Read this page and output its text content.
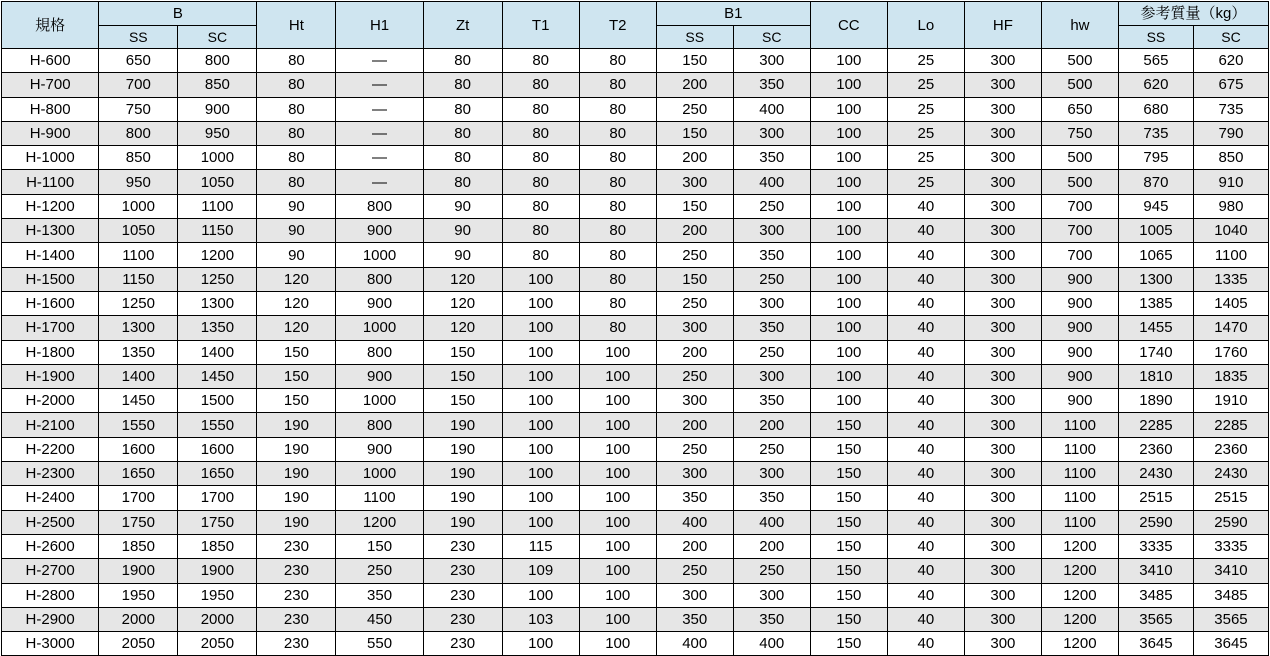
規格	B		Ht	H1	Zt	T1	T2	B1		CC	Lo	HF	hw	参考質量（kg）	
	SS	SC						SS	SC					SS	SC
H-600	650	800	80	—	80	80	80	150	300	100	25	300	500	565	620
H-700	700	850	80	—	80	80	80	200	350	100	25	300	500	620	675
H-800	750	900	80	—	80	80	80	250	400	100	25	300	650	680	735
H-900	800	950	80	—	80	80	80	150	300	100	25	300	750	735	790
H-1000	850	1000	80	—	80	80	80	200	350	100	25	300	500	795	850
H-1100	950	1050	80	—	80	80	80	300	400	100	25	300	500	870	910
H-1200	1000	1100	90	800	90	80	80	150	250	100	40	300	700	945	980
H-1300	1050	1150	90	900	90	80	80	200	300	100	40	300	700	1005	1040
H-1400	1100	1200	90	1000	90	80	80	250	350	100	40	300	700	1065	1100
H-1500	1150	1250	120	800	120	100	80	150	250	100	40	300	900	1300	1335
H-1600	1250	1300	120	900	120	100	80	250	300	100	40	300	900	1385	1405
H-1700	1300	1350	120	1000	120	100	80	300	350	100	40	300	900	1455	1470
H-1800	1350	1400	150	800	150	100	100	200	250	100	40	300	900	1740	1760
H-1900	1400	1450	150	900	150	100	100	250	300	100	40	300	900	1810	1835
H-2000	1450	1500	150	1000	150	100	100	300	350	100	40	300	900	1890	1910
H-2100	1550	1550	190	800	190	100	100	200	200	150	40	300	1100	2285	2285
H-2200	1600	1600	190	900	190	100	100	250	250	150	40	300	1100	2360	2360
H-2300	1650	1650	190	1000	190	100	100	300	300	150	40	300	1100	2430	2430
H-2400	1700	1700	190	1100	190	100	100	350	350	150	40	300	1100	2515	2515
H-2500	1750	1750	190	1200	190	100	100	400	400	150	40	300	1100	2590	2590
H-2600	1850	1850	230	150	230	115	100	200	200	150	40	300	1200	3335	3335
H-2700	1900	1900	230	250	230	109	100	250	250	150	40	300	1200	3410	3410
H-2800	1950	1950	230	350	230	100	100	300	300	150	40	300	1200	3485	3485
H-2900	2000	2000	230	450	230	103	100	350	350	150	40	300	1200	3565	3565
H-3000	2050	2050	230	550	230	100	100	400	400	150	40	300	1200	3645	3645
